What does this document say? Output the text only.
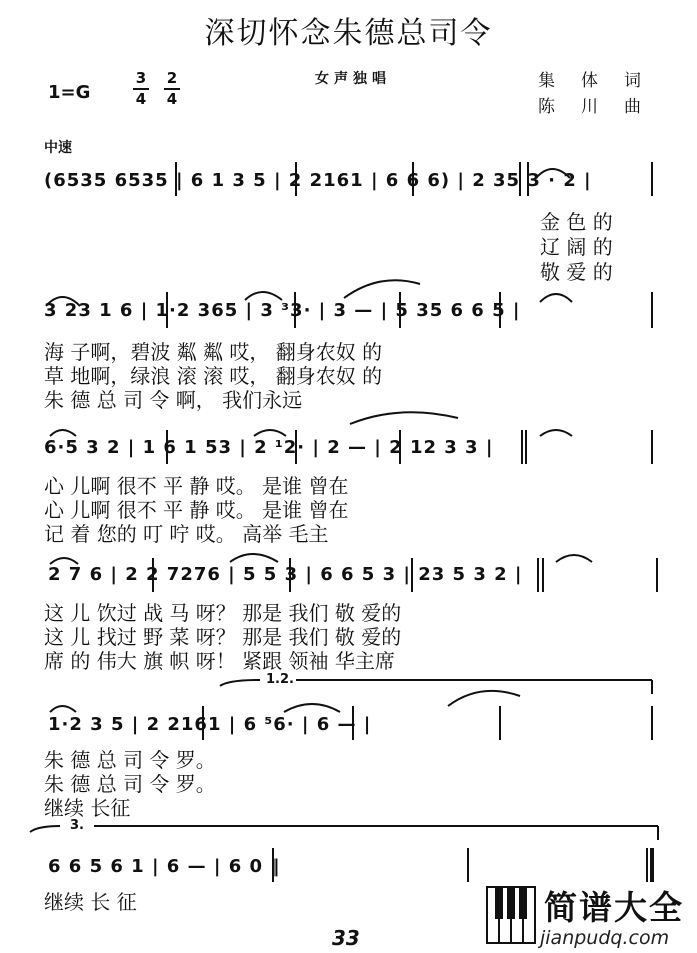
深切怀念朱德总司令
1=G
3
4
2
4
女声独唱	集体词
陈川曲
中速
(6535 6535 | 6 1 3 5 | 2 2161 | 6 6 6) | 2 35 3 · 2 |
金 色 的
辽 阔 的
敬 爱 的
3 23 1 6 | 1·2 365 | 3 ³3· | 3 — | 5 35 6 6 5 |
海 子啊，碧波 粼 粼 哎， 翻身农奴 的
草 地啊，绿浪 滚 滚 哎， 翻身农奴 的
朱 德 总 司 令 啊， 我们永远
6·5 3 2 | 1 6 1 53 | 2 ¹2· | 2 — | 2 12 3 3 |
心 儿啊 很不 平 静 哎。 是谁 曾在
心 儿啊 很不 平 静 哎。 是谁 曾在
记 着 您的 叮 咛 哎。 高举 毛主
2 7 6 | 2 2 7276 | 5 5 3 | 6 6 5 3 | 23 5 3 2 |
这 儿 饮过 战 马 呀？ 那是 我们 敬 爱的
这 儿 找过 野 菜 呀？ 那是 我们 敬 爱的
席 的 伟大 旗 帜 呀！ 紧跟 领袖 华主席
1.2.
1·2 3 5 | 2 2161 | 6 ⁵6· | 6 — |
朱 德 总 司 令 罗。
朱 德 总 司 令 罗。
继续 长征
3.
6 6 5 6 1 | 6 — | 6 0 ‖
继续 长 征
33
简谱大全
jianpudq.com
